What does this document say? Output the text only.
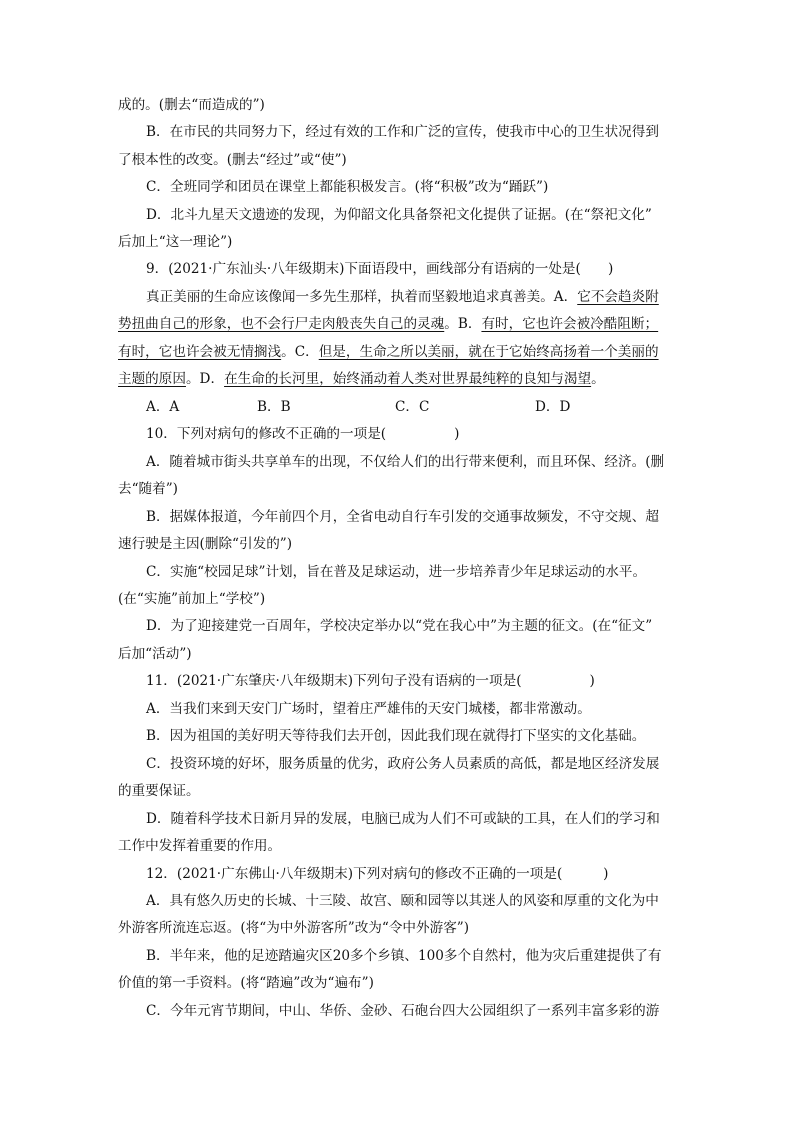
成的。(删去“而造成的”)
B．在市民的共同努力下，经过有效的工作和广泛的宣传，使我市中心的卫生状况得到
了根本性的改变。(删去“经过”或“使”)
C．全班同学和团员在课堂上都能积极发言。(将“积极”改为“踊跃”)
D．北斗九星天文遗迹的发现，为仰韶文化具备祭祀文化提供了证据。(在“祭祀文化”
后加上“这一理论”)
9．(2021·广东汕头·八年级期末)下面语段中，画线部分有语病的一处是(　　)
真正美丽的生命应该像闻一多先生那样，执着而坚毅地追求真善美。A．它不会趋炎附
势扭曲自己的形象，也不会行尸走肉般丧失自己的灵魂。B．有时，它也许会被冷酷阻断；
有时，它也许会被无情搁浅。C．但是，生命之所以美丽，就在于它始终高扬着一个美丽的
主题的原因。D．在生命的长河里，始终涌动着人类对世界最纯粹的良知与渴望。
A．A	B．B	C．C	D．D
10．下列对病句的修改不正确的一项是(　　　　　)
A．随着城市街头共享单车的出现，不仅给人们的出行带来便利，而且环保、经济。(删
去“随着”)
B．据媒体报道，今年前四个月，全省电动自行车引发的交通事故频发，不守交规、超
速行驶是主因(删除“引发的”)
C．实施“校园足球”计划，旨在普及足球运动，进一步培养青少年足球运动的水平。
(在“实施”前加上“学校”)
D．为了迎接建党一百周年，学校决定举办以“党在我心中”为主题的征文。(在“征文”
后加“活动”)
11．(2021·广东肇庆·八年级期末)下列句子没有语病的一项是(　　　　　)
A．当我们来到天安门广场时，望着庄严雄伟的天安门城楼，都非常激动。
B．因为祖国的美好明天等待我们去开创，因此我们现在就得打下坚实的文化基础。
C．投资环境的好坏，服务质量的优劣，政府公务人员素质的高低，都是地区经济发展
的重要保证。
D．随着科学技术日新月异的发展，电脑已成为人们不可或缺的工具，在人们的学习和
工作中发挥着重要的作用。
12．(2021·广东佛山·八年级期末)下列对病句的修改不正确的一项是(　　　)
A．具有悠久历史的长城、十三陵、故宫、颐和园等以其迷人的风姿和厚重的文化为中
外游客所流连忘返。(将“为中外游客所”改为“令中外游客”)
B．半年来，他的足迹踏遍灾区20多个乡镇、100多个自然村，他为灾后重建提供了有
价值的第一手资料。(将“踏遍”改为“遍布”)
C．今年元宵节期间，中山、华侨、金砂、石砲台四大公园组织了一系列丰富多彩的游
